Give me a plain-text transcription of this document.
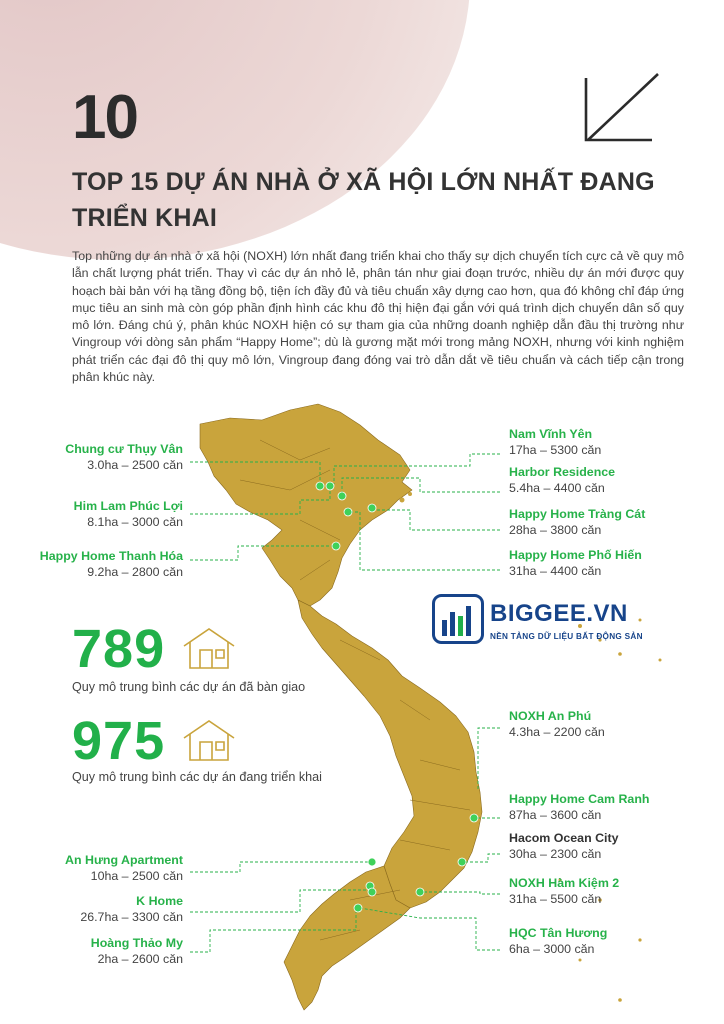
10
TOP 15 DỰ ÁN NHÀ Ở XÃ HỘI LỚN NHẤT ĐANG TRIỂN KHAI
Top những dự án nhà ở xã hội (NOXH) lớn nhất đang triển khai cho thấy sự dịch chuyển tích cực cả về quy mô lẫn chất lượng phát triển. Thay vì các dự án nhỏ lẻ, phân tán như giai đoạn trước, nhiều dự án mới được quy hoạch bài bản với hạ tầng đồng bộ, tiện ích đầy đủ và tiêu chuẩn xây dựng cao hơn, qua đó không chỉ đáp ứng mục tiêu an sinh mà còn góp phần định hình các khu đô thị hiện đại gắn với quá trình dịch chuyển dân số quy mô lớn. Đáng chú ý, phân khúc NOXH hiện có sự tham gia của những doanh nghiệp dẫn đầu thị trường như Vingroup với dòng sản phẩm “Happy Home”; dù là gương mặt mới trong mảng NOXH, nhưng với kinh nghiệm phát triển các đại đô thị quy mô lớn, Vingroup đang đóng vai trò dẫn dắt về tiêu chuẩn và cách tiếp cận trong phân khúc này.
Chung cư Thụy Vân
3.0ha – 2500 căn
Him Lam Phúc Lợi
8.1ha – 3000 căn
Happy Home Thanh Hóa
9.2ha – 2800 căn
An Hưng Apartment
10ha – 2500 căn
K Home
26.7ha – 3300 căn
Hoàng Thảo My
2ha – 2600 căn
Nam Vĩnh Yên
17ha – 5300 căn
Harbor Residence
5.4ha – 4400 căn
Happy Home Tràng Cát
28ha – 3800 căn
Happy Home Phố Hiến
31ha – 4400 căn
NOXH An Phú
4.3ha – 2200 căn
Happy Home Cam Ranh
87ha – 3600 căn
Hacom Ocean City
30ha – 2300 căn
NOXH Hàm Kiệm 2
31ha – 5500 căn
HQC Tân Hương
6ha – 3000 căn
789
Quy mô trung bình các dự án đã bàn giao
975
Quy mô trung bình các dự án đang triển khai
BIGGEE.VN
NỀN TẢNG DỮ LIỆU BẤT ĐỘNG SẢN
